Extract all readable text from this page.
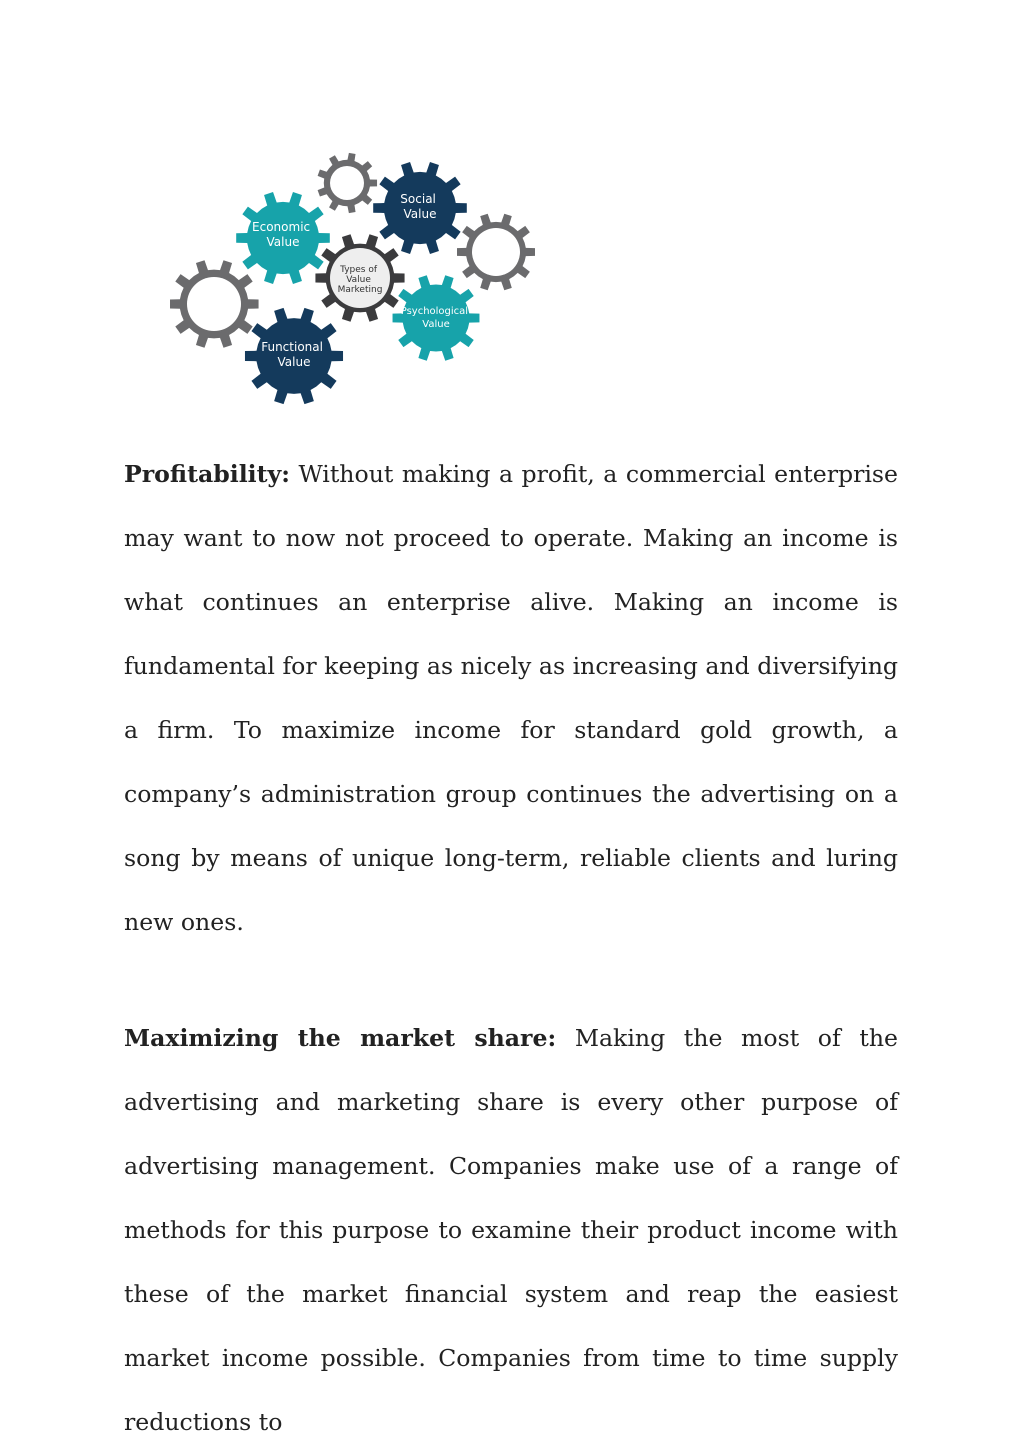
Economic Value
Social Value
Types of Value Marketing
Psychological Value
Functional Value

Profitability: Without making a profit, a commercial enterprise may want to now not proceed to operate. Making an income is what continues an enterprise alive. Making an income is fundamental for keeping as nicely as increasing and diversifying a firm. To maximize income for standard gold growth, a company’s administration group continues the advertising on a song by means of unique long-term, reliable clients and luring new ones.

Maximizing the market share: Making the most of the advertising and marketing share is every other purpose of advertising management. Companies make use of a range of methods for this purpose to examine their product income with these of the market financial system and reap the easiest market income possible. Companies from time to time supply reductions to
